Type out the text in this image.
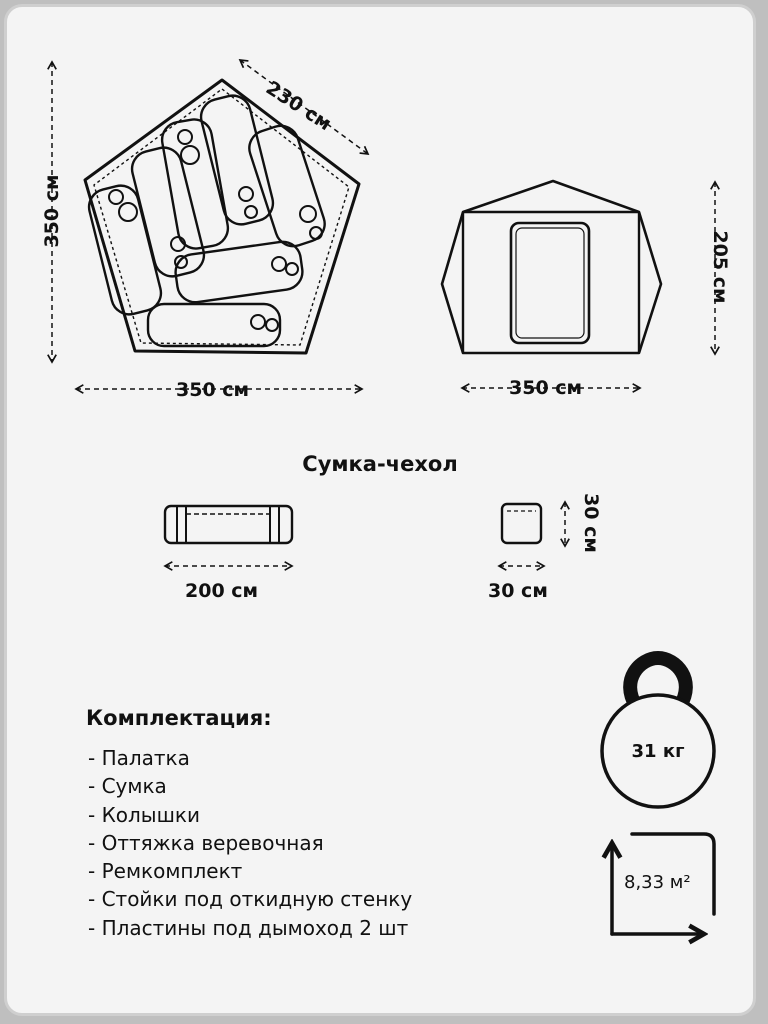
350 см
350 см
230 см
350 см
205 см
Сумка-чехол
200 см	30 см
30 см
Комплектация:
- Палатка
- Сумка
- Колышки
- Оттяжка веревочная
- Ремкомплект
- Стойки под откидную стенку
- Пластины под дымоход 2 шт
31 кг
8,33 м²
